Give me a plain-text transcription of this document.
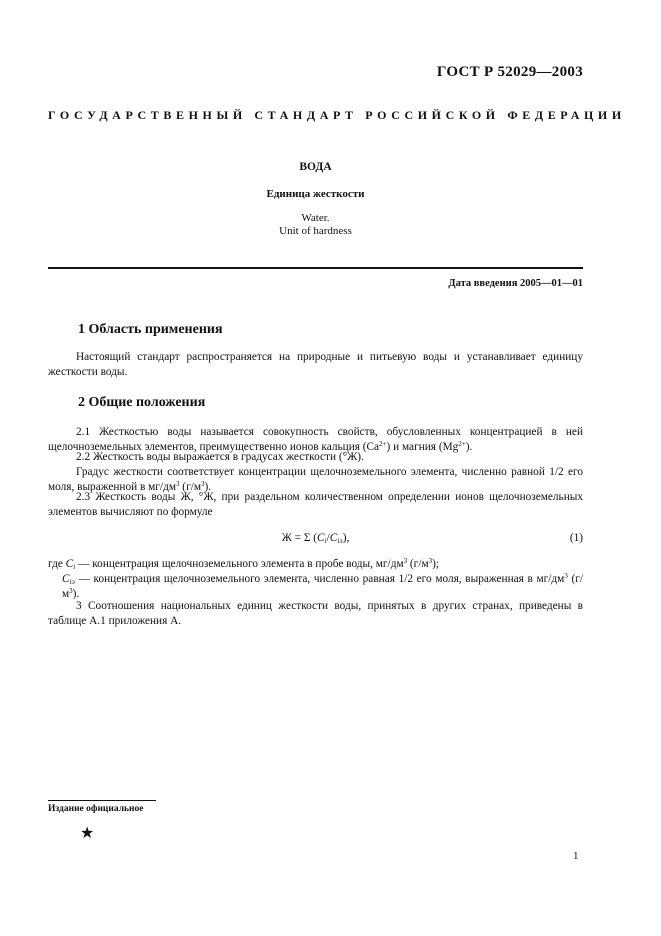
ГОСТ Р 52029—2003
ГОСУДАРСТВЕННЫЙ СТАНДАРТ РОССИЙСКОЙ ФЕДЕРАЦИИ
ВОДА
Единица жесткости
Water.
Unit of hardness
Дата введения 2005—01—01
1 Область применения
Настоящий стандарт распространяется на природные и питьевую воды и устанавливает единицу жесткости воды.
2 Общие положения
2.1 Жесткостью воды называется совокупность свойств, обусловленных концентрацией в ней щелочноземельных элементов, преимущественно ионов кальция $(Ca^{2+})$ и магния $(Mg^{2+})$.
2.2 Жесткость воды выражается в градусах жесткости (°Ж).
Градус жесткости соответствует концентрации щелочноземельного элемента, численно равной 1/2 его моля, выраженной в $мг/дм^3$ $(г/м^3)$.
2.3 Жесткость воды Ж, °Ж, при раздельном количественном определении ионов щелочноземельных элементов вычисляют по формуле
Ж = Σ $(C_i/C_{iэ})$,	(1)
где $C_i$ — концентрация щелочноземельного элемента в пробе воды, $мг/дм^3$ $(г/м^3)$;
$C_{iэ}$ — концентрация щелочноземельного элемента, численно равная 1/2 его моля, выраженная в $мг/дм^3$ $(г/м^3)$.
3 Соотношения национальных единиц жесткости воды, принятых в других странах, приведены в таблице А.1 приложения А.
Издание официальное
★
1
